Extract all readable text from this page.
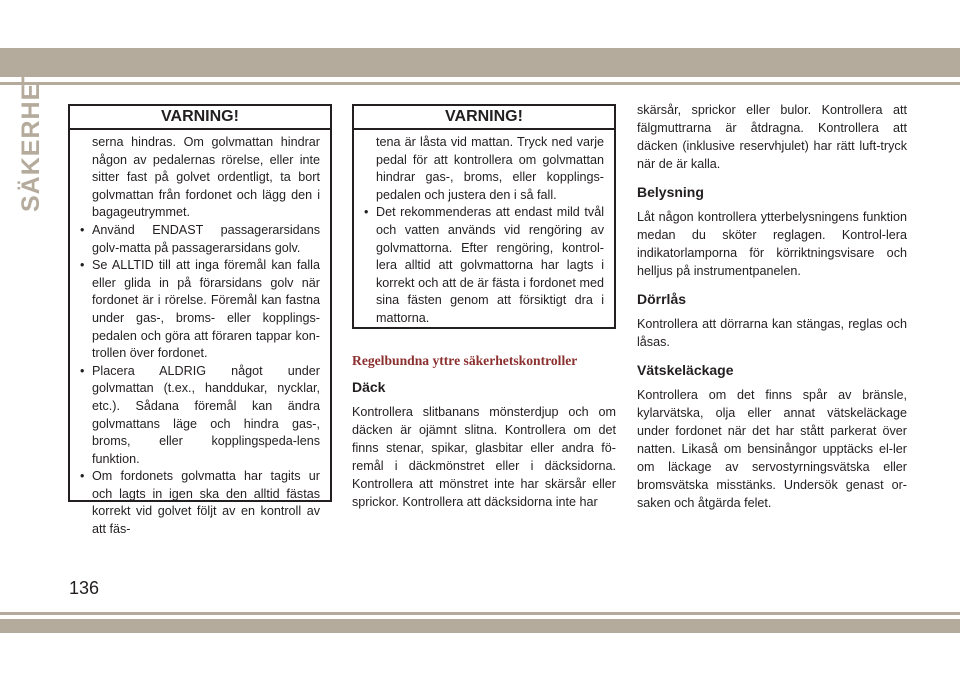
SÄKERHET	VARNING!

serna hindras. Om golvmattan hindrar någon av pedalernas rörelse, eller inte sitter fast på golvet ordentligt, ta bort golvmattan från fordonet och lägg den i bagageutrymmet.

• Använd ENDAST passagerarsidans golv-matta på passagerarsidans golv.
• Se ALLTID till att inga föremål kan falla eller glida in på förarsidans golv när fordonet är i rörelse. Föremål kan fastna under gas-, broms- eller kopplings-pedalen och göra att föraren tappar kon-trollen över fordonet.
• Placera ALDRIG något under golvmattan (t.ex., handdukar, nycklar, etc.). Sådana föremål kan ändra golvmattans läge och hindra gas-, broms, eller kopplingspeda-lens funktion.
• Om fordonets golvmatta har tagits ur och lagts in igen ska den alltid fästas korrekt vid golvet följt av en kontroll av att fäs-
VARNING!

tena är låsta vid mattan. Tryck ned varje pedal för att kontrollera om golvmattan hindrar gas-, broms, eller kopplings-pedalen och justera den i så fall.

• Det rekommenderas att endast mild tvål och vatten används vid rengöring av golvmattorna. Efter rengöring, kontrol-lera alltid att golvmattorna har lagts i korrekt och att de är fästa i fordonet med sina fästen genom att försiktigt dra i mattorna.
Regelbundna yttre säkerhetskontroller
Däck

Kontrollera slitbanans mönsterdjup och om däcken är ojämnt slitna. Kontrollera om det finns stenar, spikar, glasbitar eller andra fö-remål i däckmönstret eller i däcksidorna. Kontrollera att mönstret inte har skärsår eller sprickor. Kontrollera att däcksidorna inte har

skärsår, sprickor eller bulor. Kontrollera att fälgmuttrarna är åtdragna. Kontrollera att däcken (inklusive reservhjulet) har rätt luft-tryck när de är kalla.

Belysning

Låt någon kontrollera ytterbelysningens funktion medan du sköter reglagen. Kontrol-lera indikatorlamporna för körriktningsvisare och helljus på instrumentpanelen.

Dörrlås

Kontrollera att dörrarna kan stängas, reglas och låsas.

Vätskeläckage

Kontrollera om det finns spår av bränsle, kylarvätska, olja eller annat vätskeläckage under fordonet när det har stått parkerat över natten. Likaså om bensinångor upptäcks el-ler om läckage av servostyrningsvätska eller bromsvätska misstänks. Undersök genast or-saken och åtgärda felet.

136
